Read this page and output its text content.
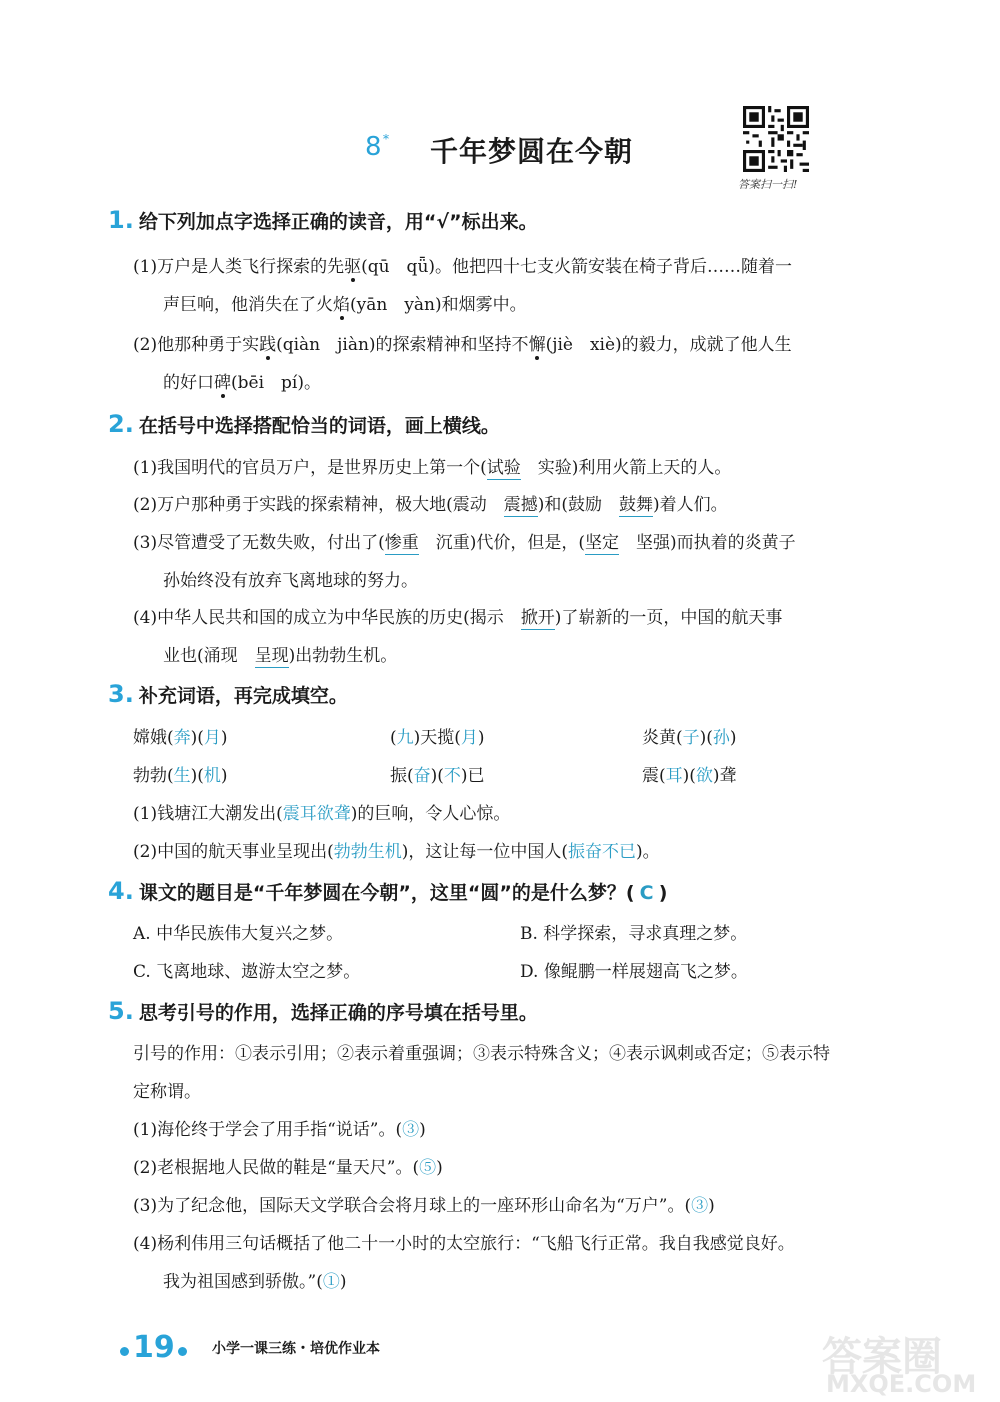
8 * 千年梦圆在今朝
答案扫一扫!
1. 给下列加点字选择正确的读音，用“√”标出来。
(1)万户是人类飞行探索的先驱(qū　qǖ)。他把四十七支火箭安装在椅子背后……随着一
声巨响，他消失在了火焰(yān　yàn)和烟雾中。
(2)他那种勇于实践(qiàn　jiàn)的探索精神和坚持不懈(jiè　xiè)的毅力，成就了他人生
的好口碑(bēi　pí)。
2. 在括号中选择搭配恰当的词语，画上横线。
(1)我国明代的官员万户，是世界历史上第一个(试验　实验)利用火箭上天的人。
(2)万户那种勇于实践的探索精神，极大地(震动　震撼)和(鼓励　鼓舞)着人们。
(3)尽管遭受了无数失败，付出了(惨重　沉重)代价，但是，(坚定　坚强)而执着的炎黄子
孙始终没有放弃飞离地球的努力。
(4)中华人民共和国的成立为中华民族的历史(揭示　掀开)了崭新的一页，中国的航天事
业也(涌现　呈现)出勃勃生机。
3. 补充词语，再完成填空。
嫦娥(奔)(月)	(九)天揽(月)	炎黄(子)(孙)
勃勃(生)(机)	振(奋)(不)已	震(耳)(欲)聋
(1)钱塘江大潮发出(震耳欲聋)的巨响，令人心惊。
(2)中国的航天事业呈现出(勃勃生机)，这让每一位中国人(振奋不已)。
4. 课文的题目是“千年梦圆在今朝”，这里“圆”的是什么梦？( C )
A. 中华民族伟大复兴之梦。	B. 科学探索，寻求真理之梦。
C. 飞离地球、遨游太空之梦。	D. 像鲲鹏一样展翅高飞之梦。
5. 思考引号的作用，选择正确的序号填在括号里。
引号的作用：①表示引用；②表示着重强调；③表示特殊含义；④表示讽刺或否定；⑤表示特
定称谓。
(1)海伦终于学会了用手指“说话”。(③)
(2)老根据地人民做的鞋是“量天尺”。(⑤)
(3)为了纪念他，国际天文学联合会将月球上的一座环形山命名为“万户”。(③)
(4)杨利伟用三句话概括了他二十一小时的太空旅行：“飞船飞行正常。我自我感觉良好。
我为祖国感到骄傲。”(①)
19	小学一课三练・培优作业本	答案圈
MXQE.COM
